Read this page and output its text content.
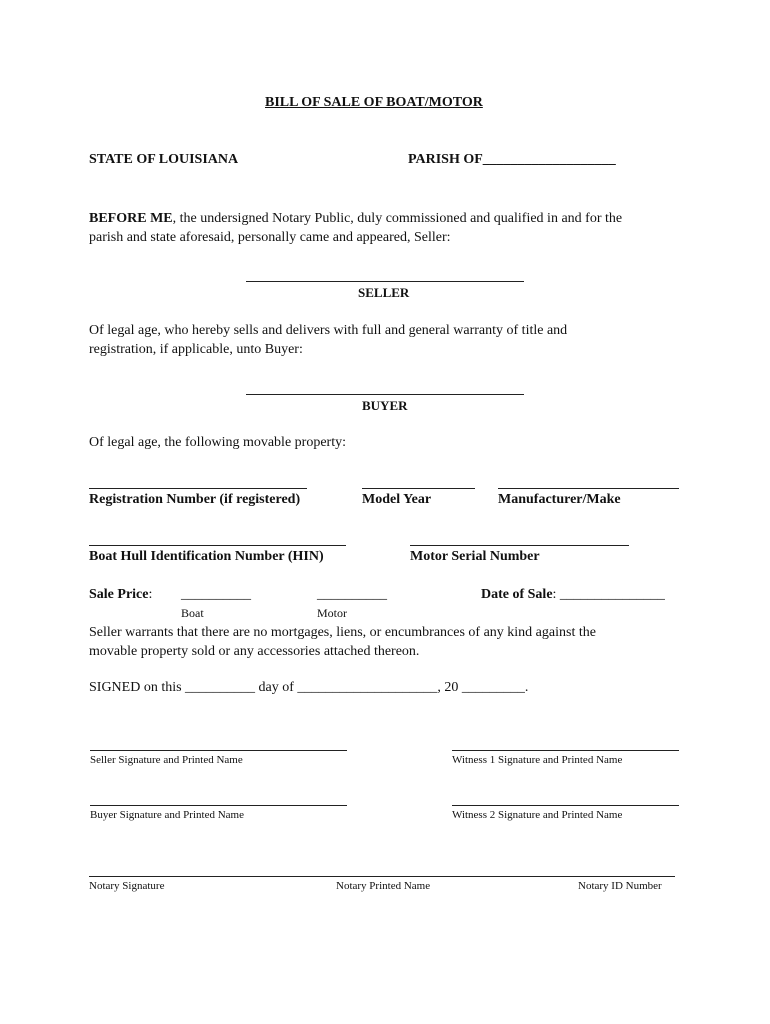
BILL OF SALE OF BOAT/MOTOR
STATE OF LOUISIANA	PARISH OF___________________
BEFORE ME, the undersigned Notary Public, duly commissioned and qualified in and for the
parish and state aforesaid, personally came and appeared, Seller:
SELLER
Of legal age, who hereby sells and delivers with full and general warranty of title and
registration, if applicable, unto Buyer:
BUYER
Of legal age, the following movable property:
Registration Number (if registered)	Model Year	Manufacturer/Make
Boat Hull Identification Number (HIN)	Motor Serial Number
Sale Price: __________	__________	Date of Sale: _______________
Boat	Motor
Seller warrants that there are no mortgages, liens, or encumbrances of any kind against the
movable property sold or any accessories attached thereon.
SIGNED on this __________ day of ____________________, 20 _________.
Seller Signature and Printed Name	Witness 1 Signature and Printed Name
Buyer Signature and Printed Name	Witness 2 Signature and Printed Name
Notary Signature	Notary Printed Name	Notary ID Number
